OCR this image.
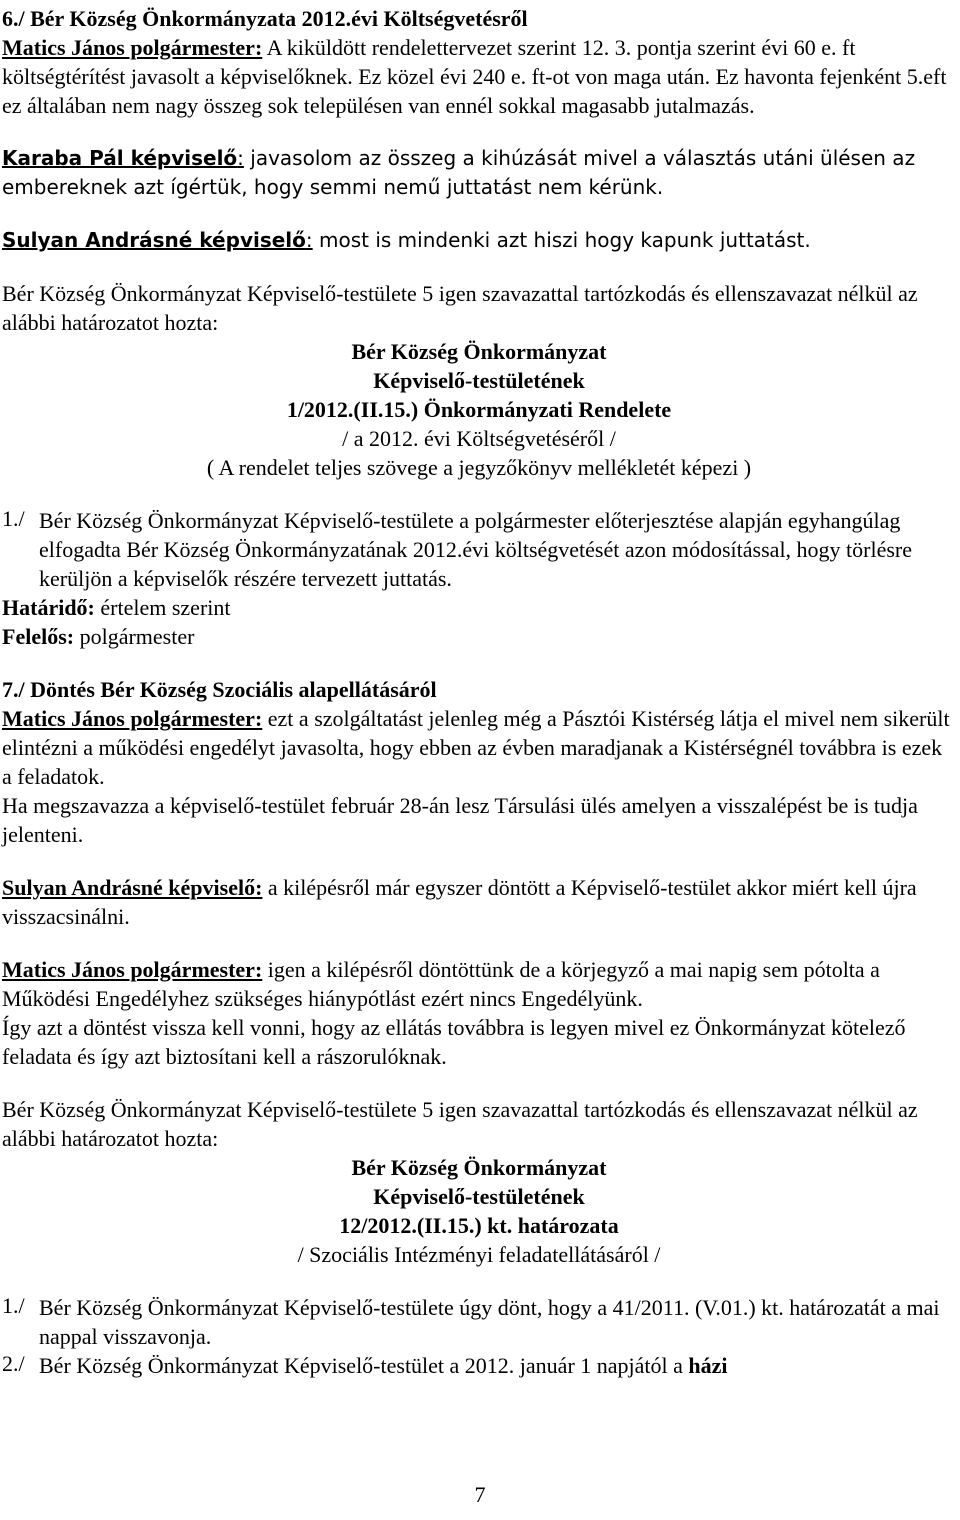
6./ Bér Község Önkormányzata 2012.évi Költségvetésről

Matics János polgármester: A kiküldött rendelettervezet szerint 12. 3. pontja szerint évi 60 e. ft költségtérítést javasolt a képviselőknek. Ez közel évi 240 e. ft-ot von maga után. Ez havonta fejenként 5.eft ez általában nem nagy összeg sok településen van ennél sokkal magasabb jutalmazás.

Karaba Pál képviselő: javasolom az összeg a kihúzását mivel a választás utáni ülésen az embereknek azt ígértük, hogy semmi nemű juttatást nem kérünk.

Sulyan Andrásné képviselő: most is mindenki azt hiszi hogy kapunk juttatást.

Bér Község Önkormányzat Képviselő-testülete 5 igen szavazattal tartózkodás és ellenszavazat nélkül az alábbi határozatot hozta:

Bér Község Önkormányzat

Képviselő-testületének

1/2012.(II.15.) Önkormányzati Rendelete

/ a 2012. évi Költségvetéséről /

( A rendelet teljes szövege a jegyzőkönyv mellékletét képezi )

1./ Bér Község Önkormányzat Képviselő-testülete a polgármester előterjesztése alapján egyhangúlag elfogadta Bér Község Önkormányzatának 2012.évi költségvetését azon módosítással, hogy törlésre kerüljön a képviselők részére tervezett juttatás.

Határidő: értelem szerint

Felelős: polgármester

7./ Döntés Bér Község Szociális alapellátásáról

Matics János polgármester: ezt a szolgáltatást jelenleg még a Pásztói Kistérség látja el mivel nem sikerült elintézni a működési engedélyt javasolta, hogy ebben az évben maradjanak a Kistérségnél továbbra is ezek a feladatok.

Ha megszavazza a képviselő-testület február 28-án lesz Társulási ülés amelyen a visszalépést be is tudja jelenteni.

Sulyan Andrásné képviselő: a kilépésről már egyszer döntött a Képviselő-testület akkor miért kell újra visszacsinálni.

Matics János polgármester: igen a kilépésről döntöttünk de a körjegyző a mai napig sem pótolta a Működési Engedélyhez szükséges hiánypótlást ezért nincs Engedélyünk.

Így azt a döntést vissza kell vonni, hogy az ellátás továbbra is legyen mivel ez Önkormányzat kötelező feladata és így azt biztosítani kell a rászorulóknak.

Bér Község Önkormányzat Képviselő-testülete 5 igen szavazattal tartózkodás és ellenszavazat nélkül az alábbi határozatot hozta:

Bér Község Önkormányzat

Képviselő-testületének

12/2012.(II.15.) kt. határozata

/ Szociális Intézményi feladatellátásáról /

1./ Bér Község Önkormányzat Képviselő-testülete úgy dönt, hogy a 41/2011. (V.01.) kt. határozatát a mai nappal visszavonja.

2./ Bér Község Önkormányzat Képviselő-testület a 2012. január 1 napjától a házi

7
